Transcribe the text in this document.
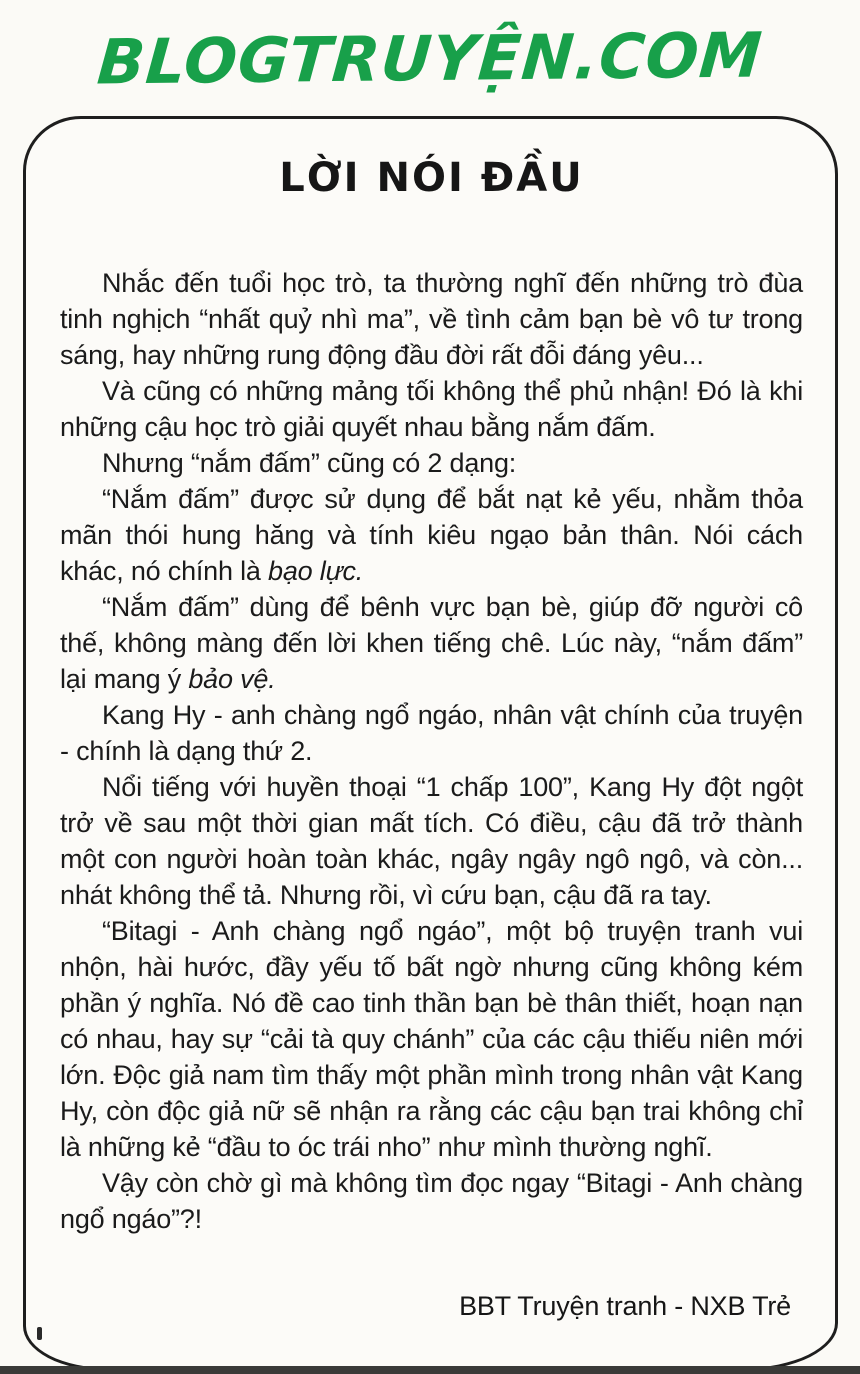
BLOGTRUYỆN.COM
LỜI NÓI ĐẦU

Nhắc đến tuổi học trò, ta thường nghĩ đến những trò đùa tinh nghịch “nhất quỷ nhì ma”, về tình cảm bạn bè vô tư trong sáng, hay những rung động đầu đời rất đỗi đáng yêu...

Và cũng có những mảng tối không thể phủ nhận! Đó là khi những cậu học trò giải quyết nhau bằng nắm đấm.

Nhưng “nắm đấm” cũng có 2 dạng:

“Nắm đấm” được sử dụng để bắt nạt kẻ yếu, nhằm thỏa mãn thói hung hăng và tính kiêu ngạo bản thân. Nói cách khác, nó chính là bạo lực.

“Nắm đấm” dùng để bênh vực bạn bè, giúp đỡ người cô thế, không màng đến lời khen tiếng chê. Lúc này, “nắm đấm” lại mang ý bảo vệ.

Kang Hy - anh chàng ngổ ngáo, nhân vật chính của truyện - chính là dạng thứ 2.

Nổi tiếng với huyền thoại “1 chấp 100”, Kang Hy đột ngột trở về sau một thời gian mất tích. Có điều, cậu đã trở thành một con người hoàn toàn khác, ngây ngây ngô ngô, và còn... nhát không thể tả. Nhưng rồi, vì cứu bạn, cậu đã ra tay.

“Bitagi - Anh chàng ngổ ngáo”, một bộ truyện tranh vui nhộn, hài hước, đầy yếu tố bất ngờ nhưng cũng không kém phần ý nghĩa. Nó đề cao tinh thần bạn bè thân thiết, hoạn nạn có nhau, hay sự “cải tà quy chánh” của các cậu thiếu niên mới lớn. Độc giả nam tìm thấy một phần mình trong nhân vật Kang Hy, còn độc giả nữ sẽ nhận ra rằng các cậu bạn trai không chỉ là những kẻ “đầu to óc trái nho” như mình thường nghĩ.

Vậy còn chờ gì mà không tìm đọc ngay “Bitagi - Anh chàng ngổ ngáo”?!

BBT Truyện tranh - NXB Trẻ
